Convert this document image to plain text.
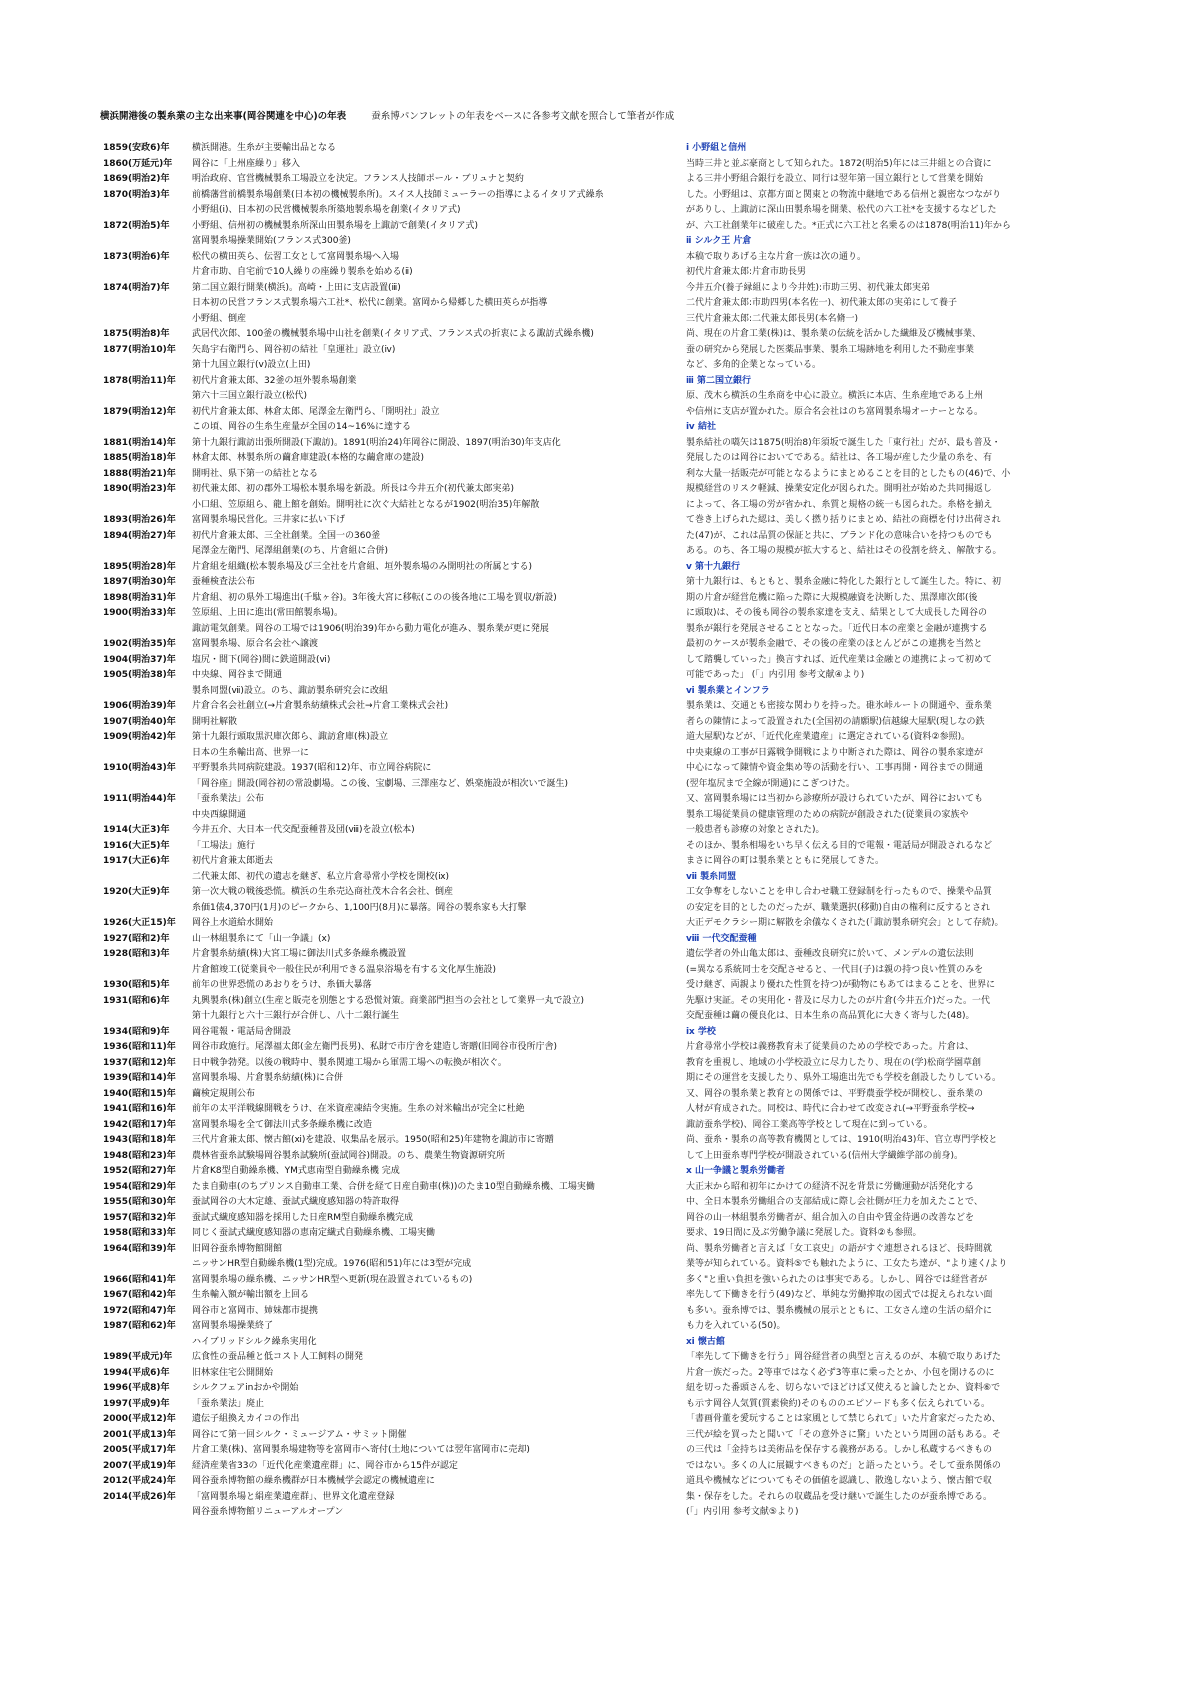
横浜開港後の製糸業の主な出来事(岡谷関連を中心)の年表	蚕糸博パンフレットの年表をベースに各参考文献を照合して筆者が作成
1859(安政6)年	横浜開港。生糸が主要輸出品となる
1860(万延元)年	岡谷に「上州座繰り」移入
1869(明治2)年	明治政府、官営機械製糸工場設立を決定。フランス人技師ポール・ブリュナと契約
1870(明治3)年	前橋藩営前橋製糸場創業(日本初の機械製糸所)。スイス人技師ミューラーの指導によるイタリア式繰糸
小野組(ⅰ)、日本初の民営機械製糸所築地製糸場を創業(イタリア式)
1872(明治5)年	小野組、信州初の機械製糸所深山田製糸場を上諏訪で創業(イタリア式)
富岡製糸場操業開始(フランス式300釜)
1873(明治6)年	松代の横田英ら、伝習工女として富岡製糸場へ入場
片倉市助、自宅前で10人繰りの座繰り製糸を始める(ⅱ)
1874(明治7)年	第二国立銀行開業(横浜)。高崎・上田に支店設置(ⅲ)
日本初の民営フランス式製糸場六工社*、松代に創業。富岡から帰郷した横田英らが指導
小野組、倒産
1875(明治8)年	武居代次郎、100釜の機械製糸場中山社を創業(イタリア式、フランス式の折衷による諏訪式繰糸機)
1877(明治10)年	矢島宇右衛門ら、岡谷初の結社「皇運社」設立(ⅳ)
第十九国立銀行(ⅴ)設立(上田)
1878(明治11)年	初代片倉兼太郎、32釜の垣外製糸場創業
第六十三国立銀行設立(松代)
1879(明治12)年	初代片倉兼太郎、林倉太郎、尾澤金左衛門ら、「開明社」設立
この頃、岡谷の生糸生産量が全国の14~16%に達する
1881(明治14)年	第十九銀行諏訪出張所開設(下諏訪)。1891(明治24)年岡谷に開設、1897(明治30)年支店化
1885(明治18)年	林倉太郎、林製糸所の繭倉庫建設(本格的な繭倉庫の建設)
1888(明治21)年	開明社、県下第一の結社となる
1890(明治23)年	初代兼太郎、初の郡外工場松本製糸場を新設。所長は今井五介(初代兼太郎実弟)
小口組、笠原組ら、龍上館を創始。開明社に次ぐ大結社となるが1902(明治35)年解散
1893(明治26)年	富岡製糸場民営化。三井家に払い下げ
1894(明治27)年	初代片倉兼太郎、三全社創業。全国一の360釜
尾澤金左衛門、尾澤組創業(のち、片倉組に合併)
1895(明治28)年	片倉組を組織(松本製糸場及び三全社を片倉組、垣外製糸場のみ開明社の所属とする)
1897(明治30)年	蚕種検査法公布
1898(明治31)年	片倉組、初の県外工場進出(千駄ヶ谷)。3年後大宮に移転(このの後各地に工場を買収/新設)
1900(明治33)年	笠原組、上田に進出(常田館製糸場)。
諏訪電気創業。岡谷の工場では1906(明治39)年から動力電化が進み、製糸業が更に発展
1902(明治35)年	富岡製糸場、原合名会社へ譲渡
1904(明治37)年	塩尻・間下(岡谷)間に鉄道開設(ⅵ)
1905(明治38)年	中央線、岡谷まで開通
製糸同盟(ⅶ)設立。のち、諏訪製糸研究会に改組
1906(明治39)年	片倉合名会社創立(→片倉製糸紡績株式会社→片倉工業株式会社)
1907(明治40)年	開明社解散
1909(明治42)年	第十九銀行頭取黒沢庫次郎ら、諏訪倉庫(株)設立
日本の生糸輸出高、世界一に
1910(明治43)年	平野製糸共同病院建設。1937(昭和12)年、市立岡谷病院に
「岡谷座」開設(岡谷初の常設劇場。この後、宝劇場、三澤座など、娯楽施設が相次いで誕生)
1911(明治44)年	「蚕糸業法」公布
中央西線開通
1914(大正3)年	今井五介、大日本一代交配蚕種普及団(ⅷ)を設立(松本)
1916(大正5)年	「工場法」施行
1917(大正6)年	初代片倉兼太郎逝去
二代兼太郎、初代の遺志を継ぎ、私立片倉尋常小学校を開校(ⅸ)
1920(大正9)年	第一次大戦の戦後恐慌。横浜の生糸売込商社茂木合名会社、倒産
糸価1俵4,370円(1月)のピークから、1,100円(8月)に暴落。岡谷の製糸家も大打撃
1926(大正15)年	岡谷上水道給水開始
1927(昭和2)年	山一林組製糸にて「山一争議」(ⅹ)
1928(昭和3)年	片倉製糸紡績(株)大宮工場に御法川式多条繰糸機設置
片倉館竣工(従業員や一般住民が利用できる温泉浴場を有する文化厚生施設)
1930(昭和5)年	前年の世界恐慌のあおりをうけ、糸価大暴落
1931(昭和6)年	丸興製糸(株)創立(生産と販売を別態とする恐慌対策。商業部門担当の会社として業界一丸で設立)
第十九銀行と六十三銀行が合併し、八十二銀行誕生
1934(昭和9)年	岡谷電報・電話局舎開設
1936(昭和11)年	岡谷市政施行。尾澤福太郎(金左衛門長男)、私財で市庁舎を建造し寄贈(旧岡谷市役所庁舎)
1937(昭和12)年	日中戦争勃発。以後の戦時中、製糸関連工場から軍需工場への転換が相次ぐ。
1939(昭和14)年	富岡製糸場、片倉製糸紡績(株)に合併
1940(昭和15)年	繭検定規則公布
1941(昭和16)年	前年の太平洋戦線開戦をうけ、在米資産凍結令実施。生糸の対米輸出が完全に杜絶
1942(昭和17)年	富岡製糸場を全て御法川式多条繰糸機に改造
1943(昭和18)年	三代片倉兼太郎、懐古館(ⅺ)を建設、収集品を展示。1950(昭和25)年建物を諏訪市に寄贈
1948(昭和23)年	農林省蚕糸試験場岡谷製糸試験所(蚕試岡谷)開設。のち、農業生物資源研究所
1952(昭和27)年	片倉K8型自動繰糸機、YM式恵南型自動繰糸機 完成
1954(昭和29)年	たま自動車(のちプリンス自動車工業、合併を経て日産自動車(株))のたま10型自動繰糸機、工場実働
1955(昭和30)年	蚕試岡谷の大木定雄、蚕試式繊度感知器の特許取得
1957(昭和32)年	蚕試式繊度感知器を採用した日産RM型自動繰糸機完成
1958(昭和33)年	同じく蚕試式繊度感知器の恵南定繊式自動繰糸機、工場実働
1964(昭和39)年	旧岡谷蚕糸博物館開館
ニッサンHR型自動繰糸機(1型)完成。1976(昭和51)年には3型が完成
1966(昭和41)年	富岡製糸場の繰糸機、ニッサンHR型へ更新(現在設置されているもの)
1967(昭和42)年	生糸輸入額が輸出額を上回る
1972(昭和47)年	岡谷市と富岡市、姉妹都市提携
1987(昭和62)年	富岡製糸場操業終了
ハイブリッドシルク繰糸実用化
1989(平成元)年	広食性の蚕品種と低コスト人工飼料の開発
1994(平成6)年	旧林家住宅公開開始
1996(平成8)年	シルクフェアinおかや開始
1997(平成9)年	「蚕糸業法」廃止
2000(平成12)年	遺伝子組換えカイコの作出
2001(平成13)年	岡谷にて第一回シルク・ミュージアム・サミット開催
2005(平成17)年	片倉工業(株)、富岡製糸場建物等を富岡市へ寄付(土地については翌年富岡市に売却)
2007(平成19)年	経済産業省33の「近代化産業遺産群」に、岡谷市から15件が認定
2012(平成24)年	岡谷蚕糸博物館の繰糸機群が日本機械学会認定の機械遺産に
2014(平成26)年	「富岡製糸場と絹産業遺産群」、世界文化遺産登録
岡谷蚕糸博物館リニューアルオープン
ⅰ 小野組と信州
当時三井と並ぶ豪商として知られた。1872(明治5)年には三井組との合資に
よる三井小野組合銀行を設立、同行は翌年第一国立銀行として営業を開始
した。小野組は、京都方面と関東との物流中継地である信州と親密なつながり
がありし、上諏訪に深山田製糸場を開業、松代の六工社*を支援するなどした
が、六工社創業年に破産した。*正式に六工社と名乗るのは1878(明治11)年から
ⅱ シルク王 片倉
本稿で取りあげる主な片倉一族は次の通り。
初代片倉兼太郎:片倉市助長男
今井五介(養子縁組により今井姓):市助三男、初代兼太郎実弟
二代片倉兼太郎:市助四男(本名佐一)、初代兼太郎の実弟にして養子
三代片倉兼太郎:二代兼太郎長男(本名脩一)
尚、現在の片倉工業(株)は、製糸業の伝統を活かした繊維及び機械事業、
蚕の研究から発展した医薬品事業、製糸工場跡地を利用した不動産事業
など、多角的企業となっている。
ⅲ 第二国立銀行
原、茂木ら横浜の生糸商を中心に設立。横浜に本店、生糸産地である上州
や信州に支店が置かれた。原合名会社はのち富岡製糸場オーナーとなる。
ⅳ 結社
製糸結社の嚆矢は1875(明治8)年須坂で誕生した「東行社」だが、最も普及・
発展したのは岡谷においてである。結社は、各工場が産した少量の糸を、有
利な大量一括販売が可能となるようにまとめることを目的としたもの(46)で、小
規模経営のリスク軽減、操業安定化が図られた。開明社が始めた共同揚返し
によって、各工場の労が省かれ、糸質と規格の統一も図られた。糸格を揃え
て巻き上げられた綛は、美しく撚り括りにまとめ、結社の商標を付け出荷され
た(47)が、これは品質の保証と共に、ブランド化の意味合いを持つものでも
ある。のち、各工場の規模が拡大すると、結社はその役割を終え、解散する。
ⅴ 第十九銀行
第十九銀行は、もともと、製糸金融に特化した銀行として誕生した。特に、初
期の片倉が経営危機に陥った際に大規模融資を決断した、黒澤庫次郎(後
に頭取)は、その後も岡谷の製糸家達を支え、結果として大成長した岡谷の
製糸が銀行を発展させることとなった。「近代日本の産業と金融が連携する
最初のケースが製糸金融で、その後の産業のほとんどがこの連携を当然と
して踏襲していった」換言すれば、近代産業は金融との連携によって初めて
可能であった」 (「」内引用 参考文献④より)
ⅵ 製糸業とインフラ
製糸業は、交通とも密接な関わりを持った。碓氷峠ルートの開通や、蚕糸業
者らの陳情によって設置された(全国初の請願駅)信越線大屋駅(現しなの鉄
道大屋駅)などが、「近代化産業遺産」に選定されている(資料②参照)。
中央東線の工事が日露戦争開戦により中断された際は、岡谷の製糸家達が
中心になって陳情や資金集め等の活動を行い、工事再開・岡谷までの開通
(翌年塩尻まで全線が開通)にこぎつけた。
又、富岡製糸場には当初から診療所が設けられていたが、岡谷においても
製糸工場従業員の健康管理のための病院が創設された(従業員の家族や
一般患者も診療の対象とされた)。
そのほか、製糸相場をいち早く伝える目的で電報・電話局が開設されるなど
まさに岡谷の町は製糸業とともに発展してきた。
ⅶ 製糸同盟
工女争奪をしないことを申し合わせ職工登録制を行ったもので、操業や品質
の安定を目的としたのだったが、職業選択(移動)自由の権利に反するとされ
大正デモクラシー期に解散を余儀なくされた(「諏訪製糸研究会」として存続)。
ⅷ 一代交配蚕種
遺伝学者の外山亀太郎は、蚕種改良研究に於いて、メンデルの遺伝法則
(=異なる系統同士を交配させると、一代目(子)は親の持つ良い性質のみを
受け継ぎ、両親より優れた性質を持つ)が動物にもあてはまることを、世界に
先駆け実証。その実用化・普及に尽力したのが片倉(今井五介)だった。一代
交配蚕種は繭の優良化は、日本生糸の高品質化に大きく寄与した(48)。
ⅸ 学校
片倉尋常小学校は義務教育未了従業員のための学校であった。片倉は、
教育を重視し、地域の小学校設立に尽力したり、現在の(学)松商学園草創
期にその運営を支援したり、県外工場進出先でも学校を創設したりしている。
又、岡谷の製糸業と教育との関係では、平野農蚕学校が開校し、蚕糸業の
人材が育成された。同校は、時代に合わせて改変され(→平野蚕糸学校→
諏訪蚕糸学校)、岡谷工業高等学校として現在に到っている。
尚、蚕糸・製糸の高等教育機関としては、1910(明治43)年、官立専門学校と
して上田蚕糸専門学校が開設されている(信州大学繊維学部の前身)。
ⅹ 山一争議と製糸労働者
大正末から昭和初年にかけての経済不況を背景に労働運動が活発化する
中、全日本製糸労働組合の支部結成に際し会社側が圧力を加えたことで、
岡谷の山一林組製糸労働者が、組合加入の自由や賃金待遇の改善などを
要求、19日間に及ぶ労働争議に発展した。資料②も参照。
尚、製糸労働者と言えば「女工哀史」の語がすぐ連想されるほど、長時間就
業等が知られている。資料⑤でも触れたように、工女たち達が、"より速く/より
多く"と重い負担を強いられたのは事実である。しかし、岡谷では経営者が
率先して下働きを行う(49)など、単純な労働搾取の図式では捉えられない面
も多い。蚕糸博では、製糸機械の展示とともに、工女さん達の生活の紹介に
も力を入れている(50)。
ⅺ 懐古館
「率先して下働きを行う」岡谷経営者の典型と言えるのが、本稿で取りあげた
片倉一族だった。2等車ではなく必ず3等車に乗ったとか、小包を開けるのに
紐を切った番頭さんを、切らないでほどけば又使えると論したとか、資料⑥で
も示す岡谷人気質(質素倹約)そのもののエピソードも多く伝えられている。
「書画骨董を愛玩することは家風として禁じられて」いた片倉家だったため、
三代が絵を買ったと聞いて「その意外さに驚」いたという周囲の話もある。そ
の三代は「金持ちは美術品を保存する義務がある。しかし私蔵するべきもの
ではない。多くの人に展観すべきものだ」と語ったという。そして蚕糸関係の
道具や機械などについてもその価値を認識し、散逸しないよう、懐古館で収
集・保存をした。それらの収蔵品を受け継いで誕生したのが蚕糸博である。
(「」内引用 参考文献⑤より)
